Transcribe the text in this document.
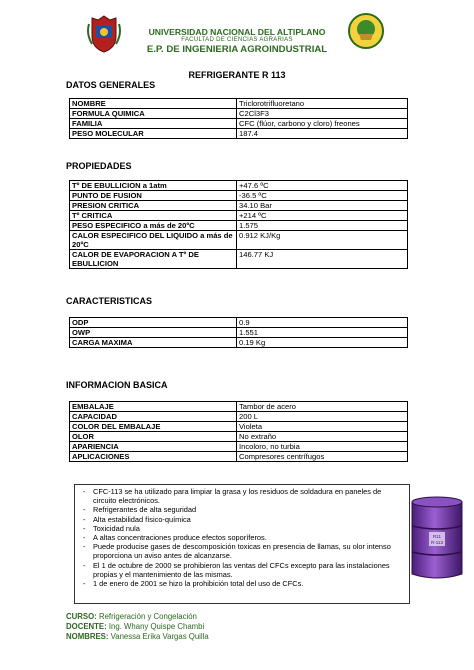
UNIVERSIDAD NACIONAL DEL ALTIPLANO
FACULTAD DE CIENCIAS AGRARIAS
E.P. DE INGENIERIA AGROINDUSTRIAL
REFRIGERANTE R 113
DATOS GENERALES
NOMBRE	Triclorotrifluoretano
FORMULA QUIMICA	C2Cl3F3
FAMILIA	CFC (flúor, carbono y cloro) freones
PESO MOLECULAR	187.4
PROPIEDADES
Tº DE EBULLICION a 1atm	+47.6 ºC
PUNTO DE FUSION	-36.5 ºC
PRESION CRITICA	34.10 Bar
Tº CRITICA	+214 ºC
PESO ESPECIFICO a más de 20ºC	1.575
CALOR ESPECIFICO DEL LIQUIDO a más de 20ºC	0.912 KJ/Kg
CALOR DE EVAPORACION A Tº DE EBULLICION	146.77 KJ
CARACTERISTICAS
ODP	0.9
OWP	1.551
CARGA MAXIMA	0.19 Kg
INFORMACION BASICA
EMBALAJE	Tambor de acero
CAPACIDAD	200 L
COLOR DEL EMBALAJE	Violeta
OLOR	No extraño
APARIENCIA	Incoloro, no turbia
APLICACIONES	Compresores centrífugos
- CFC-113 se ha utilizado para limpiar la grasa y los residuos de soldadura en paneles de circuito electrónicos.
- Refrigerantes de alta seguridad
- Alta estabilidad físico-química
- Toxicidad nula
- A altas concentraciones produce efectos soporíferos.
- Puede producise gases de descomposición toxicas en presencia de llamas, su olor intenso proporciona un aviso antes de alcanzarse.
- El 1 de octubre de 2000 se prohibieron las ventas del CFCs excepto para las instalaciones propias y el mantenimiento de las mismas.
- 1 de enero de 2001 se hizo la prohibición total del uso de CFCs.
R11
R-113
CURSO: Refrigeración y Congelación
DOCENTE: Ing. Whany Quispe Chambi
NOMBRES: Vanessa Erika Vargas Quilla
